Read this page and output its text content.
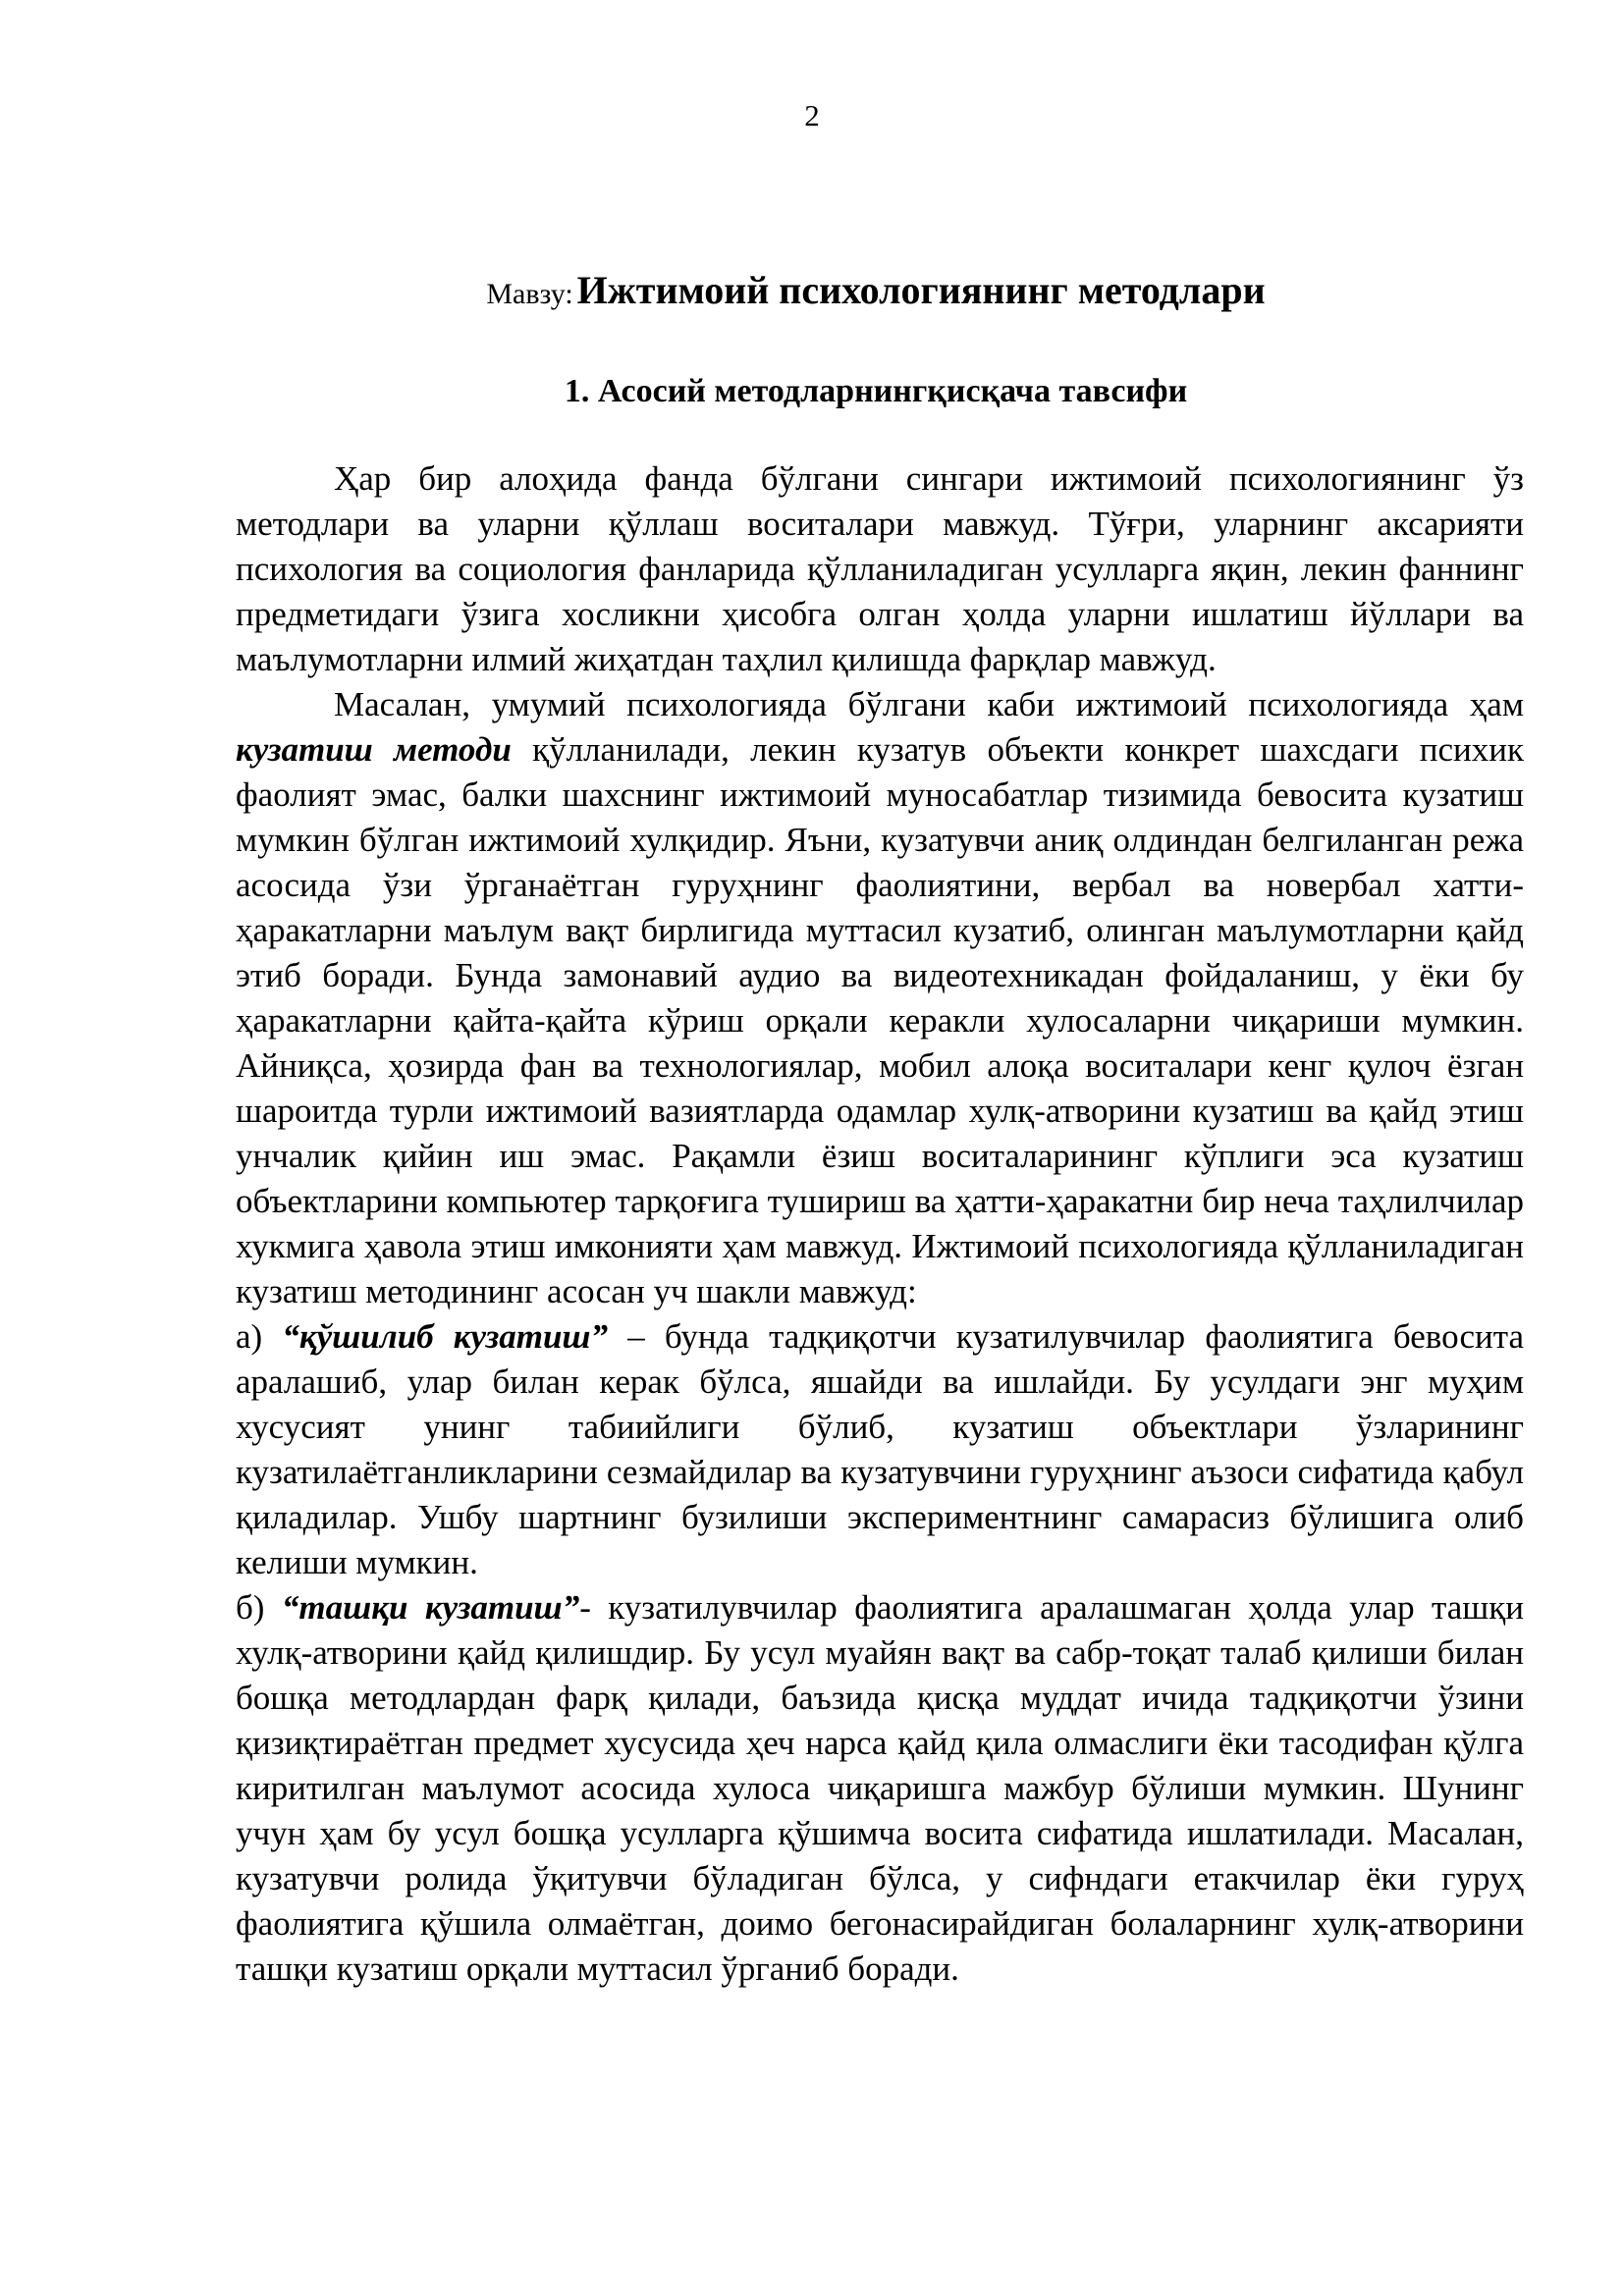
2
Мавзу: Ижтимоий психологиянинг методлари
1. Асосий методларнингқисқача тавсифи

Ҳар бир алоҳида фанда бўлгани сингари ижтимоий психологиянинг ўз методлари ва уларни қўллаш воситалари мавжуд. Тўғри, уларнинг аксарияти психология ва социология фанларида қўлланиладиган усулларга яқин, лекин фаннинг предметидаги ўзига хосликни ҳисобга олган ҳолда уларни ишлатиш йўллари ва маълумотларни илмий жиҳатдан таҳлил қилишда фарқлар мавжуд.

Масалан, умумий психологияда бўлгани каби ижтимоий психологияда ҳам кузатиш методи қўлланилади, лекин кузатув объекти конкрет шахсдаги психик фаолият эмас, балки шахснинг ижтимоий муносабатлар тизимида бевосита кузатиш мумкин бўлган ижтимоий хулқидир. Яъни, кузатувчи аниқ олдиндан белгиланган режа асосида ўзи ўрганаётган гуруҳнинг фаолиятини, вербал ва новербал хатти-ҳаракатларни маълум вақт бирлигида муттасил кузатиб, олинган маълумотларни қайд этиб боради. Бунда замонавий аудио ва видеотехникадан фойдаланиш, у ёки бу ҳаракатларни қайта-қайта кўриш орқали керакли хулосаларни чиқариши мумкин. Айниқса, ҳозирда фан ва технологиялар, мобил алоқа воситалари кенг қулоч ёзган шароитда турли ижтимоий вазиятларда одамлар хулқ-атворини кузатиш ва қайд этиш унчалик қийин иш эмас. Рақамли ёзиш воситаларининг кўплиги эса кузатиш объектларини компьютер тарқоғига тушириш ва ҳатти-ҳаракатни бир неча таҳлилчилар хукмига ҳавола этиш имконияти ҳам мавжуд. Ижтимоий психологияда қўлланиладиган кузатиш методининг асосан уч шакли мавжуд:

а) “қўшилиб кузатиш” – бунда тадқиқотчи кузатилувчилар фаолиятига бевосита аралашиб, улар билан керак бўлса, яшайди ва ишлайди. Бу усулдаги энг муҳим хусусият унинг табиийлиги бўлиб, кузатиш объектлари ўзларининг кузатилаётганликларини сезмайдилар ва кузатувчини гуруҳнинг аъзоси сифатида қабул қиладилар. Ушбу шартнинг бузилиши экспериментнинг самарасиз бўлишига олиб келиши мумкин.

б) “ташқи кузатиш”- кузатилувчилар фаолиятига аралашмаган ҳолда улар ташқи хулқ-атворини қайд қилишдир. Бу усул муайян вақт ва сабр-тоқат талаб қилиши билан бошқа методлардан фарқ қилади, баъзида қисқа муддат ичида тадқиқотчи ўзини қизиқтираётган предмет хусусида ҳеч нарса қайд қила олмаслиги ёки тасодифан қўлга киритилган маълумот асосида хулоса чиқаришга мажбур бўлиши мумкин. Шунинг учун ҳам бу усул бошқа усулларга қўшимча восита сифатида ишлатилади. Масалан, кузатувчи ролида ўқитувчи бўладиган бўлса, у сифндаги етакчилар ёки гуруҳ фаолиятига қўшила олмаётган, доимо бегонасирайдиган болаларнинг хулқ-атворини ташқи кузатиш орқали муттасил ўрганиб боради.
